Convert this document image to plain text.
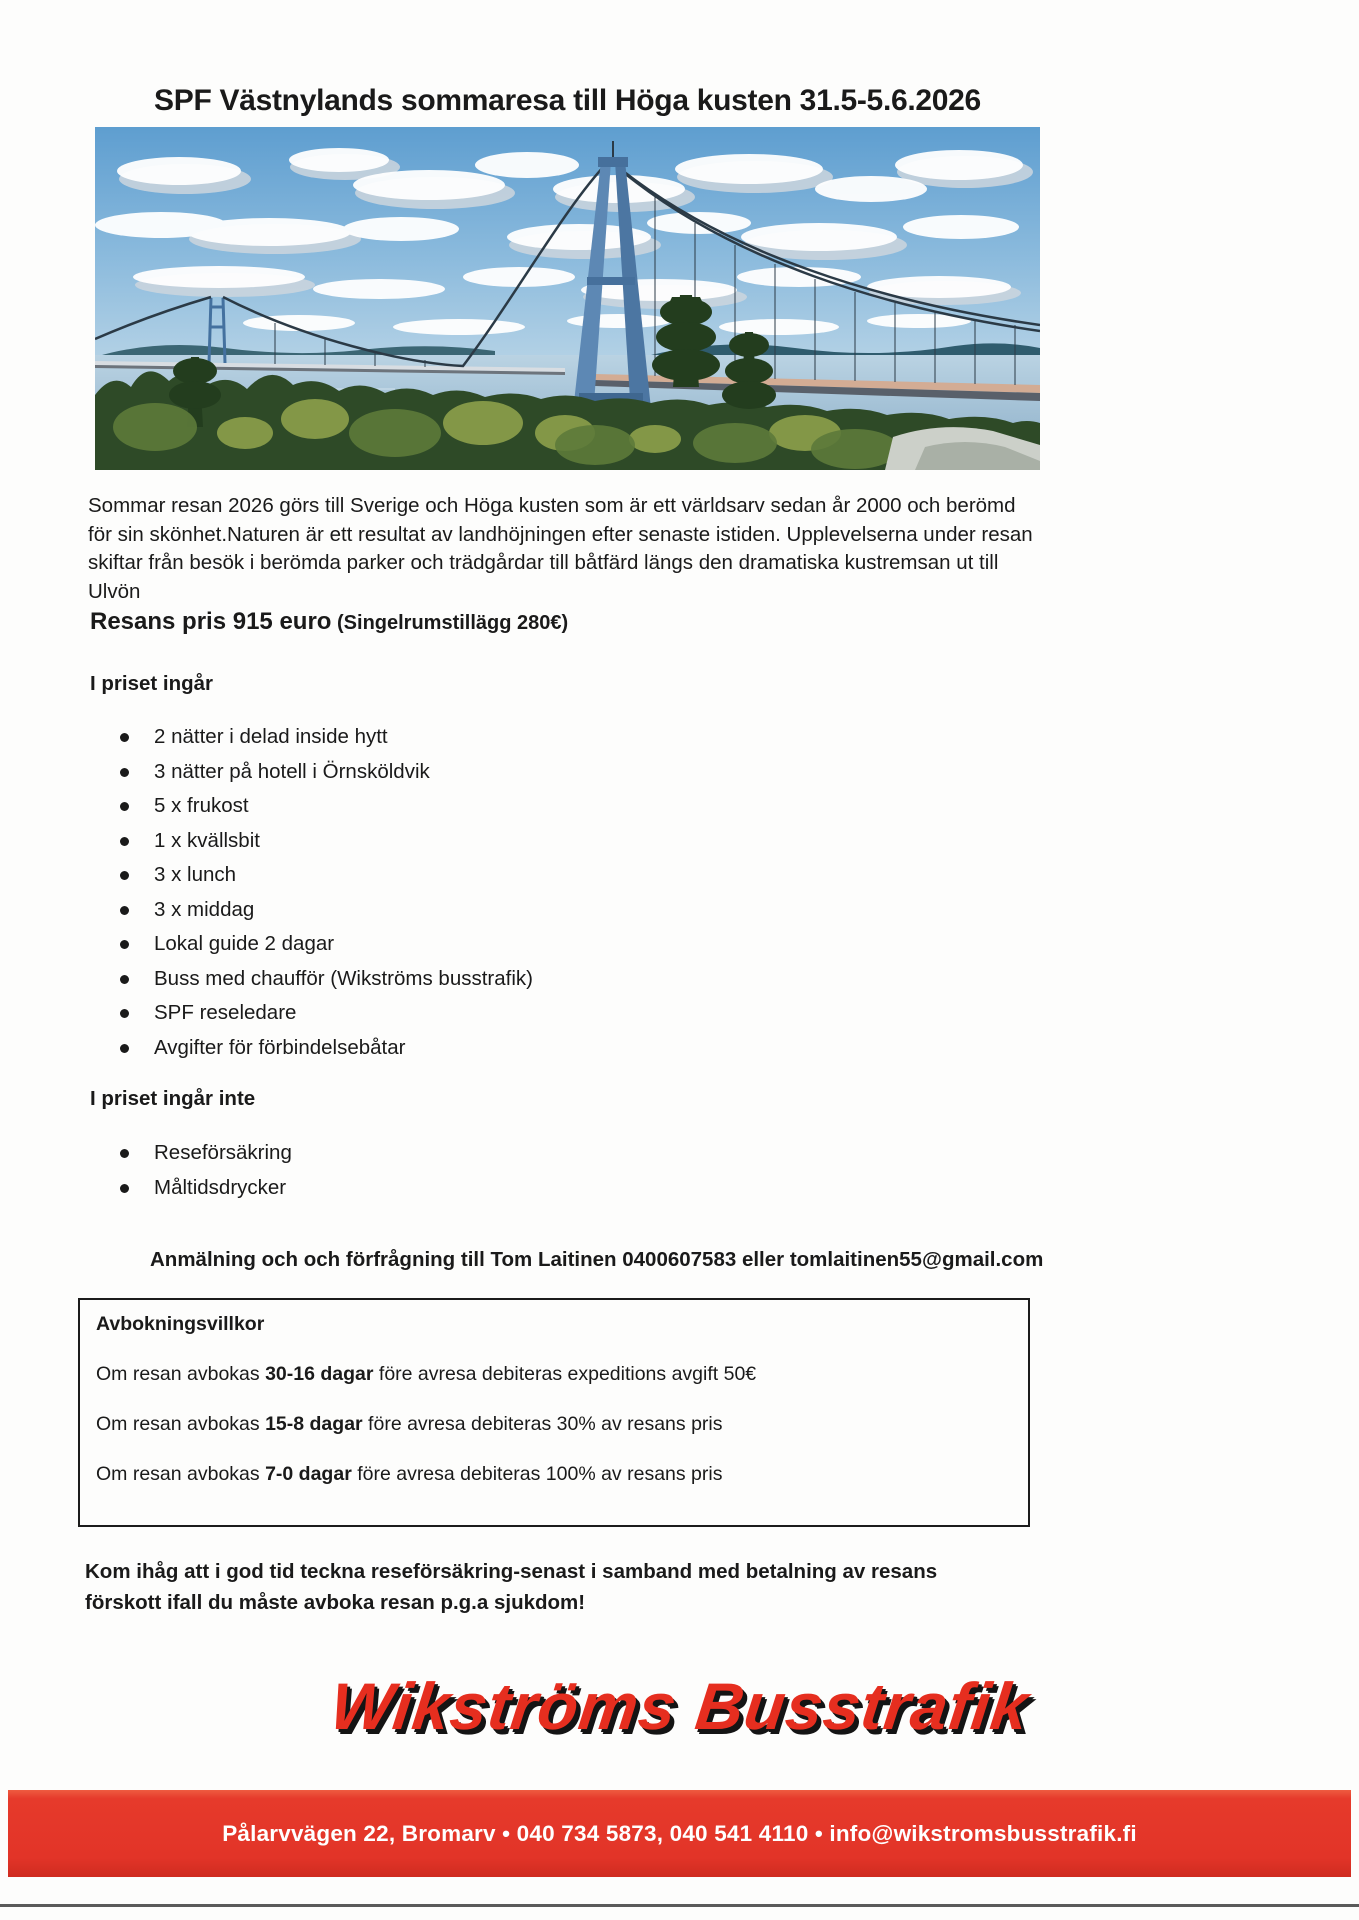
SPF Västnylands sommaresa till Höga kusten 31.5-5.6.2026
Sommar resan 2026 görs till Sverige och Höga kusten som är ett världsarv sedan år 2000 och berömd för sin skönhet.Naturen är ett resultat av landhöjningen efter senaste istiden. Upplevelserna under resan skiftar från besök i berömda parker och trädgårdar till båtfärd längs den dramatiska kustremsan ut till Ulvön
Resans pris 915 euro (Singelrumstillägg 280€)
I priset ingår
2 nätter i delad inside hytt
3 nätter på hotell i Örnsköldvik
5 x frukost
1 x kvällsbit
3 x lunch
3 x middag
Lokal guide 2 dagar
Buss med chaufför (Wikströms busstrafik)
SPF reseledare
Avgifter för förbindelsebåtar
I priset ingår inte
Reseförsäkring
Måltidsdrycker
Anmälning och och förfrågning till Tom Laitinen 0400607583 eller tomlaitinen55@gmail.com
Avbokningsvillkor
Om resan avbokas 30-16 dagar före avresa debiteras expeditions avgift 50€
Om resan avbokas 15-8 dagar före avresa debiteras 30% av resans pris
Om resan avbokas 7-0 dagar före avresa debiteras 100% av resans pris
Kom ihåg att i god tid teckna reseförsäkring-senast i samband med betalning av resans förskott ifall du måste avboka resan p.g.a sjukdom!
Wikströms Busstrafik
Pålarvvägen 22, Bromarv • 040 734 5873, 040 541 4110 • info@wikstromsbusstrafik.fi
